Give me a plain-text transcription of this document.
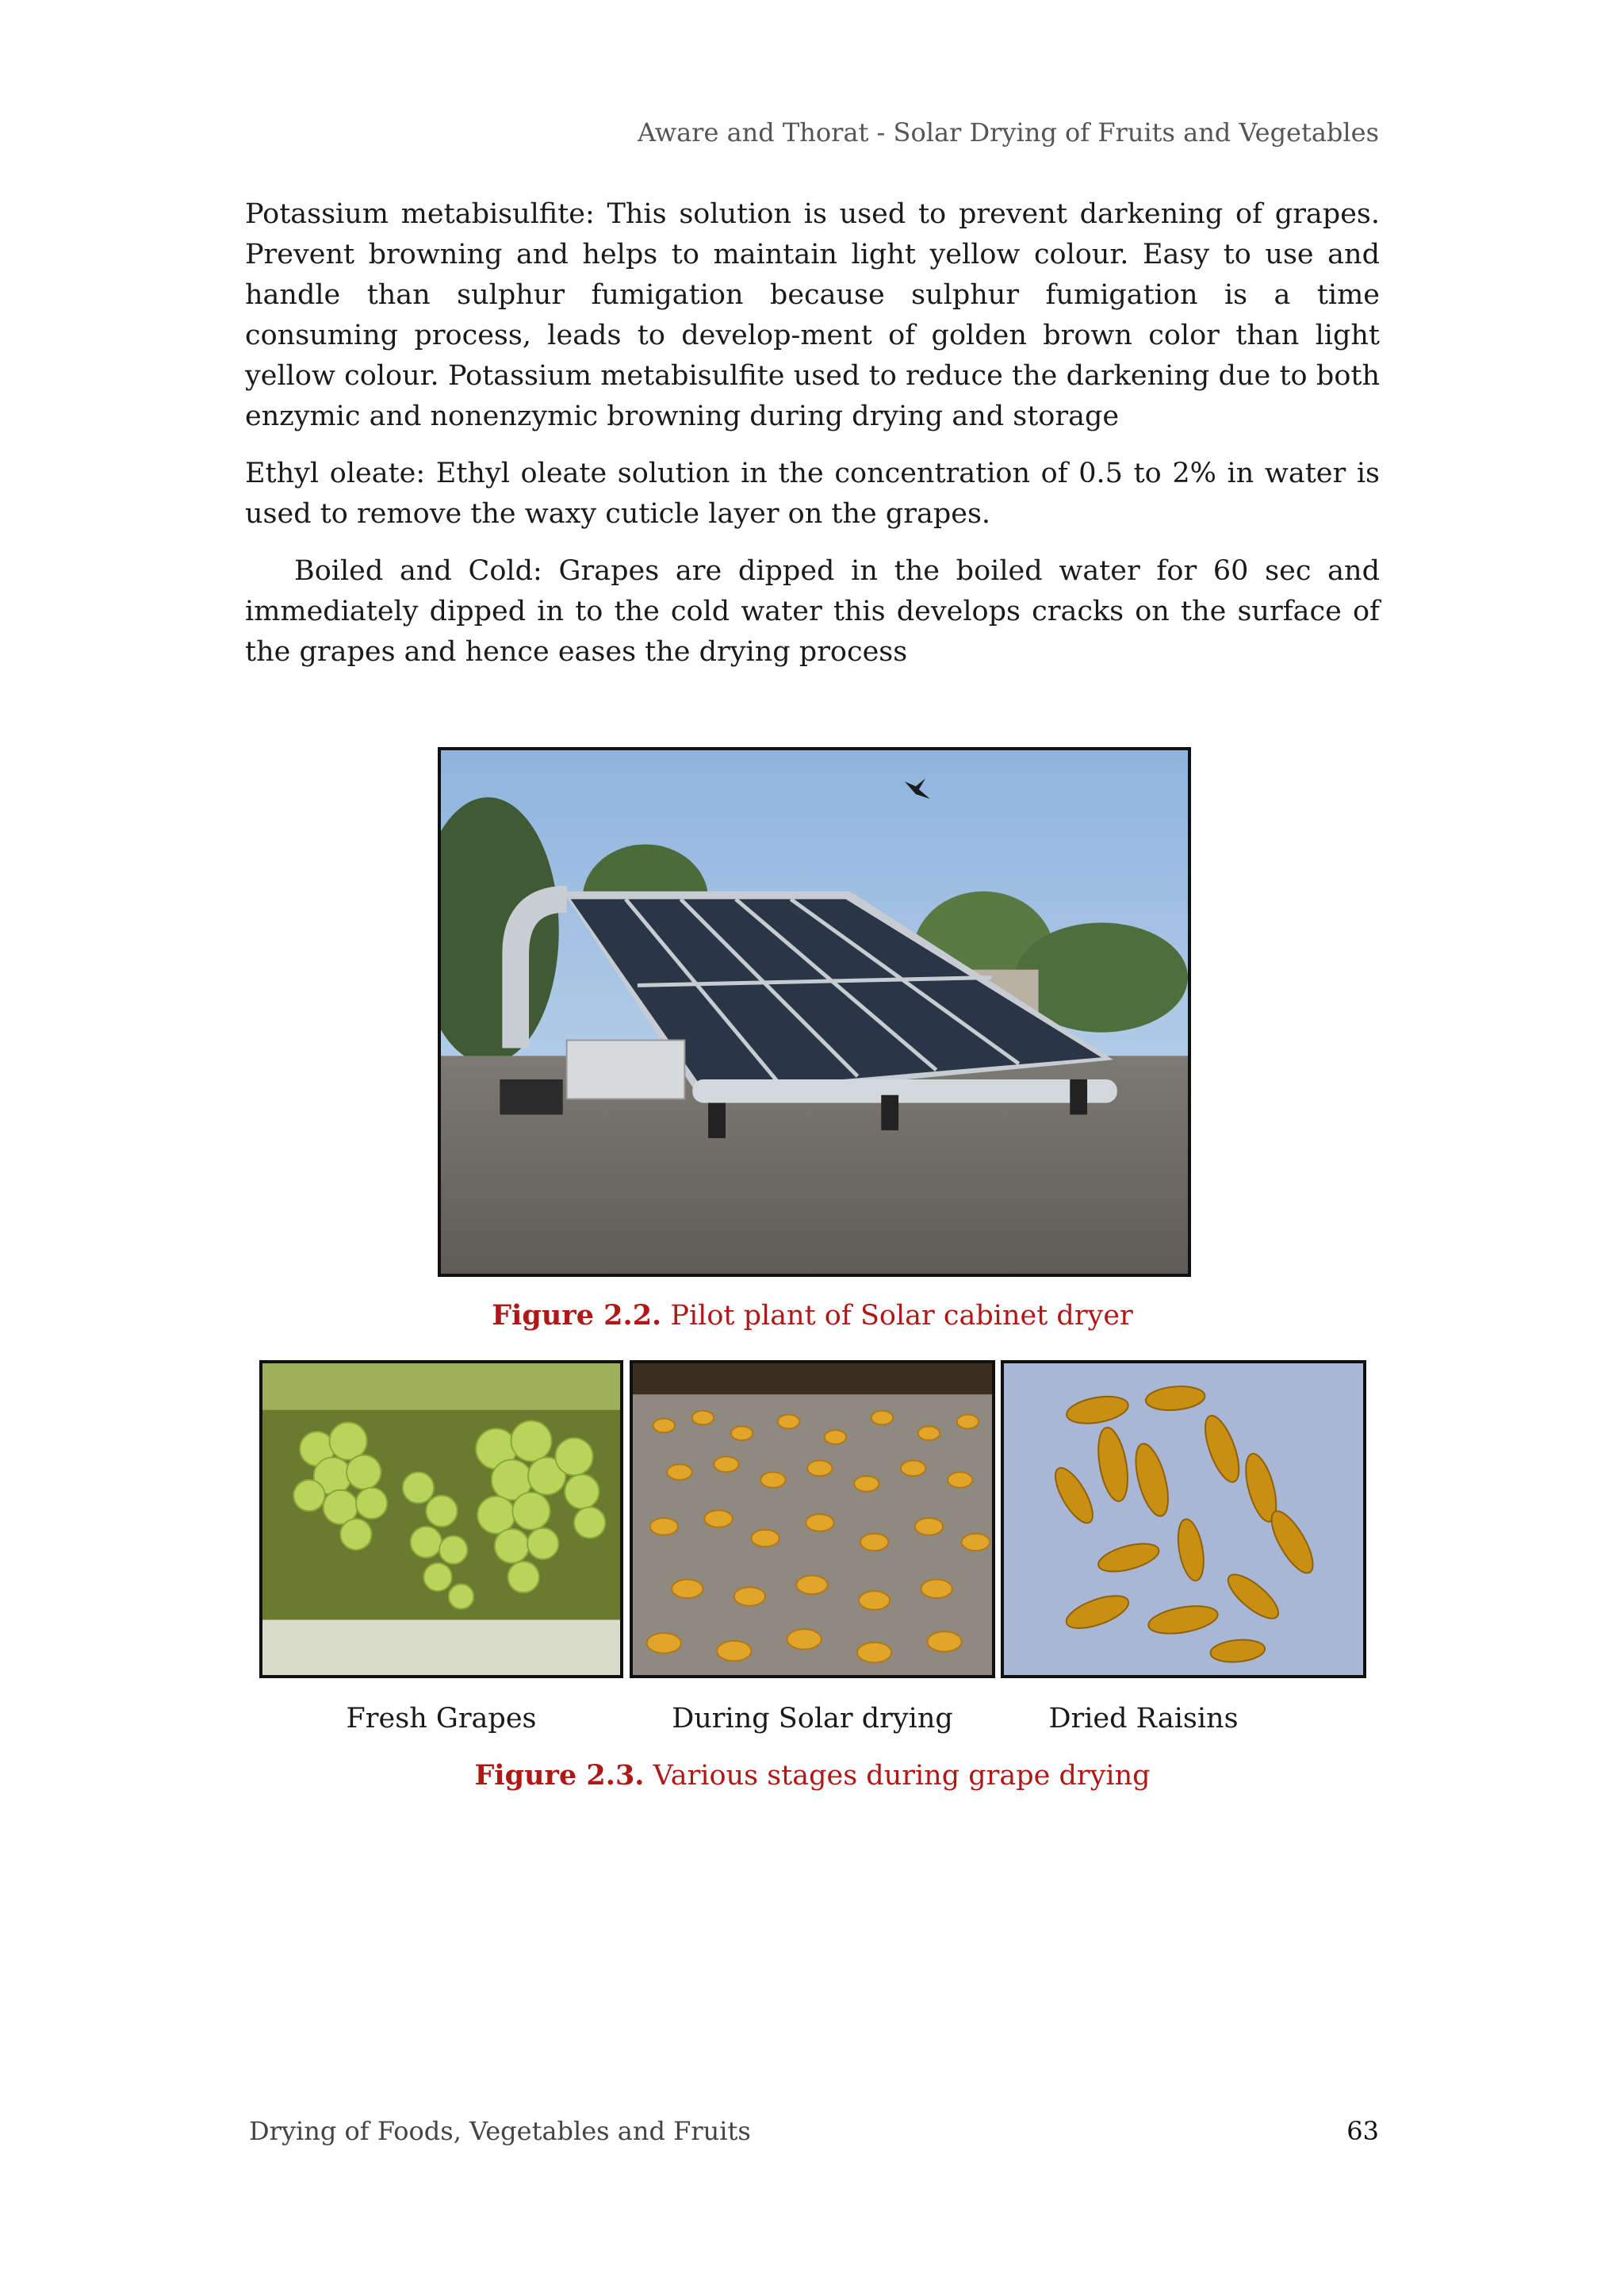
Aware and Thorat - Solar Drying of Fruits and Vegetables

Potassium metabisulfite: This solution is used to prevent darkening of grapes. Prevent browning and helps to maintain light yellow colour. Easy to use and handle than sulphur fumigation because sulphur fumigation is a time consuming process, leads to develop-ment of golden brown color than light yellow colour. Potassium metabisulfite used to reduce the darkening due to both enzymic and nonenzymic browning during drying and storage

Ethyl oleate: Ethyl oleate solution in the concentration of 0.5 to 2% in water is used to remove the waxy cuticle layer on the grapes.

Boiled and Cold: Grapes are dipped in the boiled water for 60 sec and immediately dipped in to the cold water this develops cracks on the surface of the grapes and hence eases the drying process

Figure 2.2. Pilot plant of Solar cabinet dryer
Fresh Grapes	During Solar drying	Dried Raisins
Figure 2.3. Various stages during grape drying
Drying of Foods, Vegetables and Fruits	63
